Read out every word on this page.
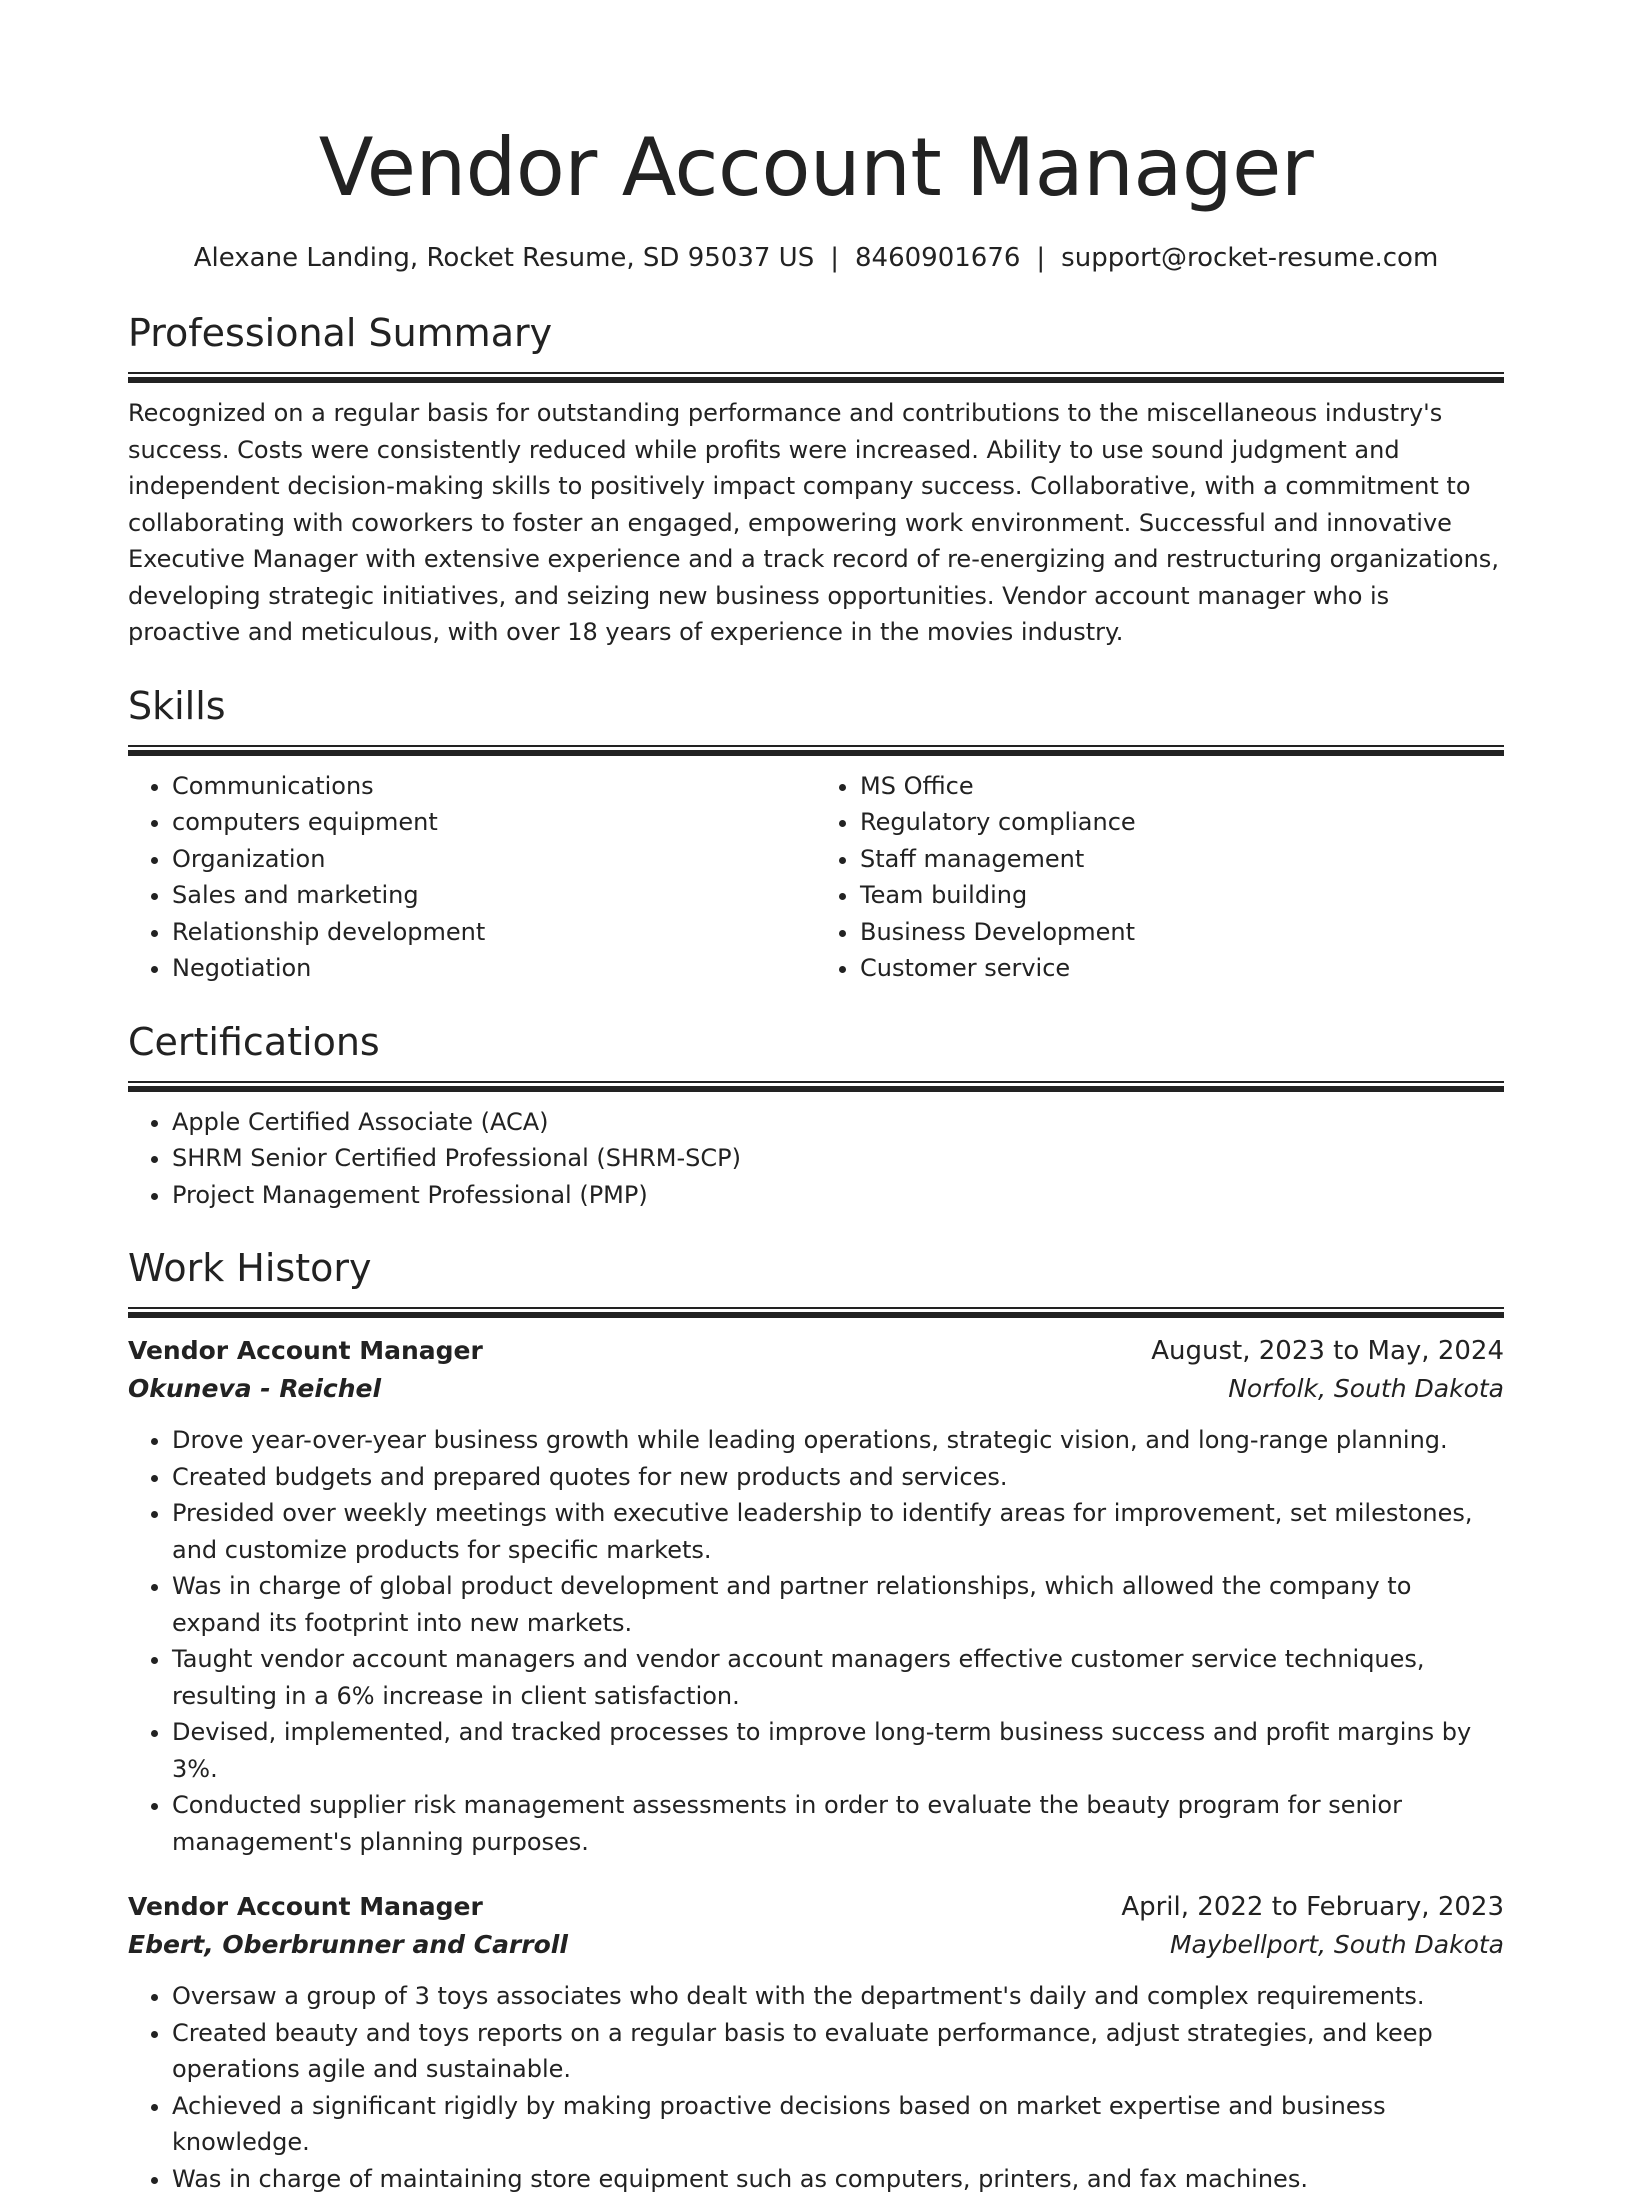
Vendor Account Manager
Alexane Landing, Rocket Resume, SD 95037 US | 8460901676 | support@rocket-resume.com
Professional Summary
Recognized on a regular basis for outstanding performance and contributions to the miscellaneous industry's success. Costs were consistently reduced while profits were increased. Ability to use sound judgment and independent decision-making skills to positively impact company success. Collaborative, with a commitment to collaborating with coworkers to foster an engaged, empowering work environment. Successful and innovative Executive Manager with extensive experience and a track record of re-energizing and restructuring organizations, developing strategic initiatives, and seizing new business opportunities. Vendor account manager who is proactive and meticulous, with over 18 years of experience in the movies industry.
Skills
• Communications
• computers equipment
• Organization
• Sales and marketing
• Relationship development
• Negotiation
• MS Office
• Regulatory compliance
• Staff management
• Team building
• Business Development
• Customer service
Certifications
• Apple Certified Associate (ACA)
• SHRM Senior Certified Professional (SHRM-SCP)
• Project Management Professional (PMP)
Work History
Vendor Account Manager	August, 2023 to May, 2024
Okuneva - Reichel	Norfolk, South Dakota
• Drove year-over-year business growth while leading operations, strategic vision, and long-range planning.
• Created budgets and prepared quotes for new products and services.
• Presided over weekly meetings with executive leadership to identify areas for improvement, set milestones, and customize products for specific markets.
• Was in charge of global product development and partner relationships, which allowed the company to expand its footprint into new markets.
• Taught vendor account managers and vendor account managers effective customer service techniques, resulting in a 6% increase in client satisfaction.
• Devised, implemented, and tracked processes to improve long-term business success and profit margins by 3%.
• Conducted supplier risk management assessments in order to evaluate the beauty program for senior management's planning purposes.
Vendor Account Manager	April, 2022 to February, 2023
Ebert, Oberbrunner and Carroll	Maybellport, South Dakota
• Oversaw a group of 3 toys associates who dealt with the department's daily and complex requirements.
• Created beauty and toys reports on a regular basis to evaluate performance, adjust strategies, and keep operations agile and sustainable.
• Achieved a significant rigidly by making proactive decisions based on market expertise and business knowledge.
• Was in charge of maintaining store equipment such as computers, printers, and fax machines.
